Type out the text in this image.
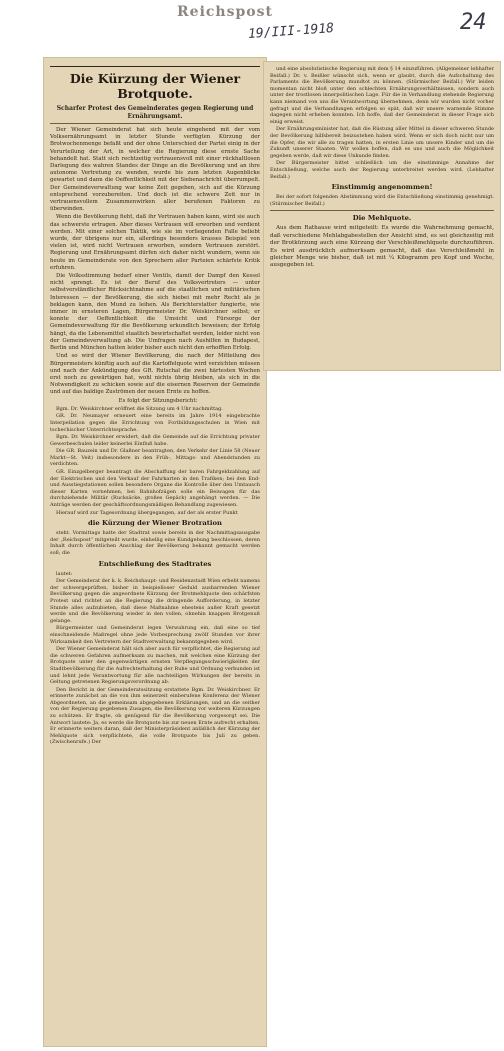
Reichspost
19/III-1918	24
Die Kürzung der Wiener Brotquote.
Scharfer Protest des Gemeinderates gegen Regierung und Ernährungsamt.

Der Wiener Gemeinderat hat sich heute eingehend mit der vom Volksernährungsamt in letzter Stunde verfügten Kürzung der Brotwochenmenge befaßt und der ohne Unterschied der Partei einig in der Verurteilung der Art, in welcher die Regierung diese ernste Sache behandelt hat. Statt sich rechtzeitig vertrauensvoll mit einer rückhaltlosen Darlegung des wahren Standes der Dinge an die Bevölkerung und an ihre autonome Vertretung zu wenden, wurde bis zum letzten Augenblicke gewartet und dann die Oeffentlichkeit mit der Siebenachricht überrumpelt. Der Gemeindeverwaltung war keine Zeit gegeben, sich auf die Kürzung entsprechend vorzubereiten. Und doch ist die schwere Zeit nur in vertrauensvollem Zusammenwirken aller berufenen Faktoren zu überwinden.

Wenn die Bevölkerung fieht, daß ihr Vertrauen haben kann, wird sie auch das schwerste ertragen. Aber dieses Vertrauen will erworben und verdient werden. Mit einer solchen Taktik, wie sie im vorliegenden Falle beliebt wurde, der übrigens nur ein, allerdings besonders krasses Beispiel von vielen ist, wird nicht Vertrauen erworben, sondern Vertrauen zerstört. Regierung und Ernährungsamt dürfen sich daher nicht wundern, wenn sie heute im Gemeinderate von den Sprechern aller Parteien schärfste Kritik erfuhren.

Die Volksstimmung bedarf einer Ventils, damit der Dampf den Kessel nicht sprengt. Es ist der Beruf des Volksvertreters — unter selbstverständlicher Rücksichtnahme auf die staatlichen und militärischen Interessen — der Bevölkerung, die sich hiebei mit mehr Recht als je beklagen kann, den Mund zu leihen. Als Berichterstatter fungierte, wie immer in ernsteren Lagen, Bürgermeister Dr. Weiskirchner selbst; er konnte der Oeffentlichkeit die Umsicht und Fürsorge der Gemeindeverwaltung für die Bevölkerung urkundlich beweisen; der Erfolg hängt, da die Lebensmittel staatlich bewirtschaftet werden, leider nicht von der Gemeindeverwaltung ab. Die Umfragen nach Aushilfen in Budapest, Berlin und München hatten leider bisher auch nicht den erhofften Erfolg.

Und so wird der Wiener Bevölkerung, die nach der Mitteilung des Bürgermeisters künftig auch auf die Kartoffelquote wird verzichten müssen und nach der Ankündigung des GR. Rutschal die zwei härtesten Wochen erst noch zu gewärtigen hat, wohl nichts übrig bleiben, als sich in die Notwendigkeit zu schicken sowie auf die eisernen Reserven der Gemeinde und auf das baldige Zuströmen der neuen Ernte zu hoffen.

Es folgt der Sitzungsbericht:

Bgm. Dr. Weiskirchner eröffnet die Sitzung um 4 Uhr nachmittag.

GR. Dr. Neumayer erneuert eine bereits im Jahre 1914 eingebrachte Interpellation gegen die Errichtung von Fortbildungsschulen in Wien mit tschechischer Unterrichtssprache.

Bgm. Dr. Weiskirchner erwidert, daß die Gemeinde auf die Errichtung privater Gewerbeschulen leider keinerlei Einfluß habe.

Die GR. Bauzein und Dr. Glaßner beantragten, den Verkehr der Linie 58 (Neuer Markt—St. Veit) insbesondere in den Früh-, Mittags- und Abendstunden zu verdichten.

GR. Einzgelberger beantragt die Abschaffung der baren Fahrgeldzahlung auf der Elektrischen und den Verkauf der Fahrkarten in den Trafiken; bei den End- und Ausstiegstationen sollen besondere Organe die Kontrolle über den Umtausch dieser Karten vornehmen, bei Bahnhofzügen solle ein Beiwagen für das durchziehende Militär (Rucksäcke, großes Gepäck) angehängt werden. — Die Anträge werden der geschäftsordnungsmäßigen Behandlung zugewiesen.

Hierauf wird zur Tagesordnung übergegangen, auf der als erster Punkt

die Kürzung der Wiener Brotration

steht. Vormittags hatte der Stadtrat sowie bereits in der Nachmittagsausgabe der „Reichspost“ mitgeteilt wurde, einhellig eine Kundgebung beschlossen, deren Inhalt durch öffentlichen Anschlag der Bevölkerung bekannt gemacht werden soll; die

Entschließung des Stadtrates

lautet:

Der Gemeinderat der k. k. Reichshaupt- und Residenzstadt Wien erhebt namens der schwergeprüften, bisher in beispielloser Geduld ausharrenden Wiener Bevölkerung gegen die angeordnete Kürzung der Brotmehlquote den schärfsten Protest und richtet an die Regierung die dringende Aufforderung, in letzter Stunde alles aufzubieten, daß diese Maßnahme ehestens außer Kraft gesetzt werde und die Bevölkerung wieder in den vollen, ohnehin knappen Brotgenuß gelange.

Bürgermeister und Gemeinderat legen Verwahrung ein, daß eine so tief einschneidende Maßregel ohne jede Vorbesprechung zwölf Stunden vor ihrer Wirksamkeit den Vertretern der Stadtverwaltung bekanntgegeben wird.

Der Wiener Gemeinderat hält sich aber auch für verpflichtet, die Regierung auf die schweren Gefahren aufmerksam zu machen, mit welchen eine Kürzung der Brotquote unter den gegenwärtigen ernsten Verpflegungsschwierigkeiten der Stadtbevölkerung für die Aufrechterhaltung der Ruhe und Ordnung verbunden ist und lehnt jede Verantwortung für alle nachteiligen Wirkungen der bereits in Geltung getretenen Regierungsverordnung ab.

Den Bericht in der Gemeinderatssitzung erstattete Bgm. Dr. Weiskirchner. Er erinnerte zunächst an die von ihm seinerzeit einberufene Konferenz der Wiener Abgeordneten, an die gemeinsam abgegebenen Erklärungen, und an die seither von der Regierung gegebenen Zusagen, die Bevölkerung vor weiteren Kürzungen zu schützen. Er fragte, ob genügend für die Bevölkerung vorgesorgt sei. Die Antwort lautete: Ja, es werde die Brotquote bis zur neuen Ernte aufrecht erhalten. Er erinnerte weiters daran, daß der Ministerpräsident anläßlich der Kürzung der Mehlquote sich verpflichtete, die volle Brotquote bis Juli zu geben. (Zwischenrufe.) Der

und eine absolutistische Regierung mit dem § 14 einzuführen. (Allgemeiner lebhafter Beifall.) Dr. v. Beißler wünscht sich, wenn er glaubt, durch die Aufschaltung des Parlaments die Bevölkerung mundtot zu können. (Stürmischer Beifall.) Wir leiden momentan nicht bloß unter den schlechten Ernährungsverhältnissen, sondern auch unter der trostlosen innerpolitischen Lage. Für die in Verhandlung stehende Regierung kann niemand von uns die Verantwortung übernehmen, denn wir wurden nicht vorher gefragt und die Verhandlungen erfolgen so spät, daß wir unsere warnende Stimme dagegen nicht erheben konnten. Ich hoffe, daß der Gemeinderat in dieser Frage sich einig erweist.

Der Ernährungsminister hat, daß die Rüstung aller Mittel in dieser schweren Stunde der Bevölkerung hilfsbereit beizustehen haben wird. Wenn er sich doch nicht nur um die Opfer, die wir alle zu tragen hatten, in ersten Linie um unsere Kinder und um die Zukunft unserer Staaten. Wir wollen hoffen, daß es uns und auch die Möglichkeit gegeben werde, daß wir diese Unkunde finden.

Der Bürgermeister bittet schließlich um die einstimmige Annahme der Entschließung, welche auch der Regierung unterbreitet werden wird. (Lebhafter Beifall.)

Einstimmig angenommen!

Bei der sofort folgenden Abstimmung wird die Entschließung einstimmig genehmigt. (Stürmischer Beifall.)

Die Mehlquote.

Aus dem Rathause wird mitgeteilt: Es wurde die Wahrnehmung gemacht, daß verschiedene Mehlabgabestellen der Ansicht sind, es sei gleichzeitig mit der Brotkürzung auch eine Kürzung der Verschleißmehlquote durchzuführen. Es wird ausdrücklich aufmerksam gemacht, daß das Verschleißmehl in gleicher Menge wie bisher, daß ist mit ¼ Kilogramm pro Kopf und Woche, ausgegeben ist.
